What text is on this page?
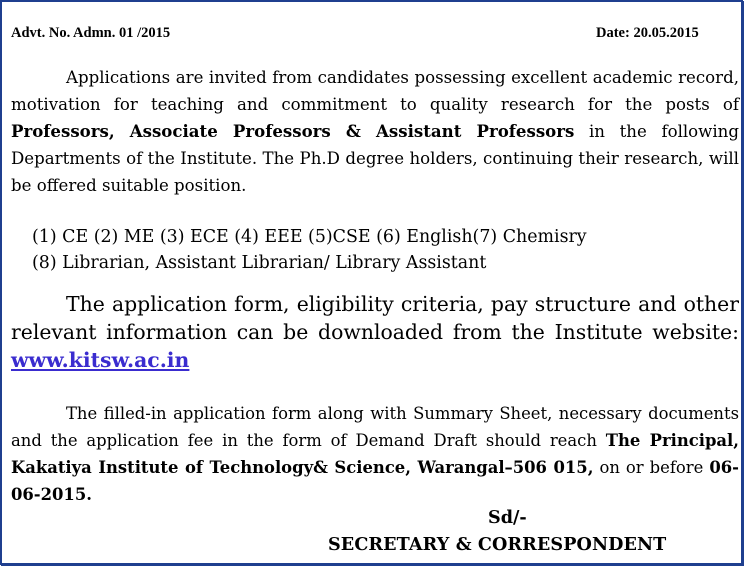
Advt. No. Admn. 01 /2015	Date: 20.05.2015
Applications are invited from candidates possessing excellent academic record, motivation for teaching and commitment to quality research for the posts of Professors, Associate Professors & Assistant Professors in the following Departments of the Institute. The Ph.D degree holders, continuing their research, will be offered suitable position.
(1) CE (2) ME (3) ECE (4) EEE (5)CSE (6) English(7) Chemisry
(8) Librarian, Assistant Librarian/ Library Assistant
The application form, eligibility criteria, pay structure and other relevant information can be downloaded from the Institute website: www.kitsw.ac.in
The filled-in application form along with Summary Sheet, necessary documents and the application fee in the form of Demand Draft should reach The Principal, Kakatiya Institute of Technology& Science, Warangal–506 015, on or before 06-06-2015.
Sd/-
SECRETARY & CORRESPONDENT
